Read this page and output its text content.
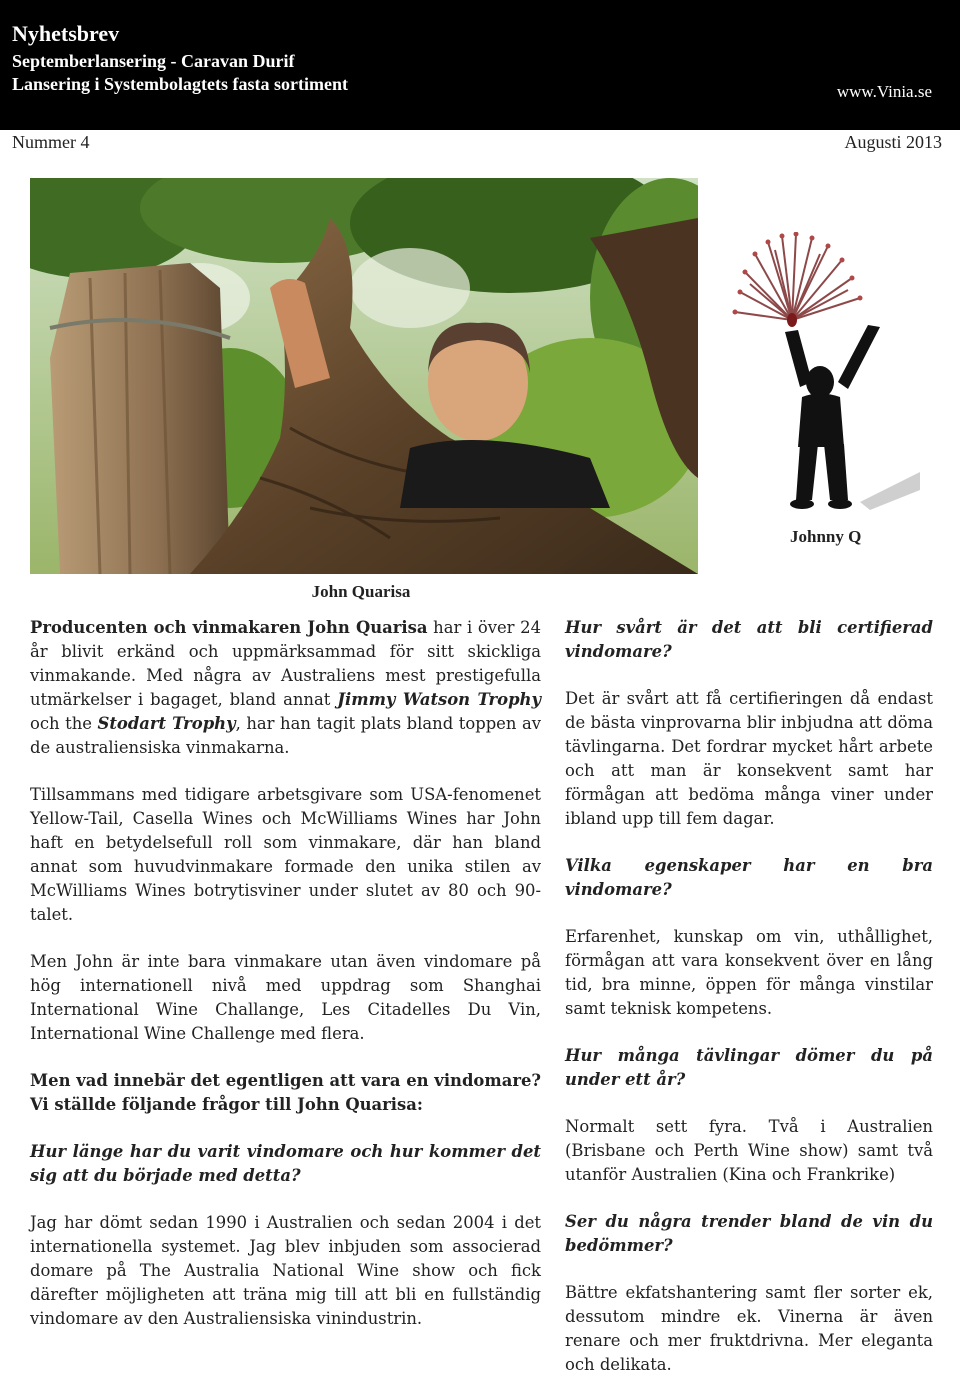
Nyhetsbrev
Septemberlansering - Caravan Durif
Lansering i Systembolagtets fasta sortiment	www.Vinia.se
Nummer 4	Augusti 2013
John Quarisa
Johnny Q

Producenten och vinmakaren John Quarisa har i över 24 år blivit erkänd och uppmärksammad för sitt skickliga vinmakande. Med några av Australiens mest prestigefulla utmärkelser i bagaget, bland annat Jimmy Watson Trophy och the Stodart Trophy, har han tagit plats bland toppen av de australiensiska vinmakarna.

Tillsammans med tidigare arbetsgivare som USA-fenomenet Yellow-Tail, Casella Wines och McWilliams Wines har John haft en betydelsefull roll som vinmakare, där han bland annat som huvudvinmakare formade den unika stilen av McWilliams Wines botrytisviner under slutet av 80 och 90-talet.

Men John är inte bara vinmakare utan även vindomare på hög internationell nivå med uppdrag som Shanghai International Wine Challange, Les Citadelles Du Vin, International Wine Challenge med flera.

Men vad innebär det egentligen att vara en vindomare? Vi ställde följande frågor till John Quarisa:

Hur länge har du varit vindomare och hur kommer det sig att du började med detta?

Jag har dömt sedan 1990 i Australien och sedan 2004 i det internationella systemet. Jag blev inbjuden som associerad domare på The Australia National Wine show och fick därefter möjligheten att träna mig till att bli en fullständig vindomare av den Australiensiska vinindustrin.

Hur svårt är det att bli certifierad vindomare?

Det är svårt att få certifieringen då endast de bästa vinprovarna blir inbjudna att döma tävlingarna. Det fordrar mycket hårt arbete och att man är konsekvent samt har förmågan att bedöma många viner under ibland upp till fem dagar.

Vilka egenskaper har en bra vindomare?

Erfarenhet, kunskap om vin, uthållighet, förmågan att vara konsekvent över en lång tid, bra minne, öppen för många vinstilar samt teknisk kompetens.

Hur många tävlingar dömer du på under ett år?

Normalt sett fyra. Två i Australien (Brisbane och Perth Wine show) samt två utanför Australien (Kina och Frankrike)

Ser du några trender bland de vin du bedömmer?

Bättre ekfatshantering samt fler sorter ek, dessutom mindre ek. Vinerna är även renare och mer fruktdrivna. Mer eleganta och delikata.
